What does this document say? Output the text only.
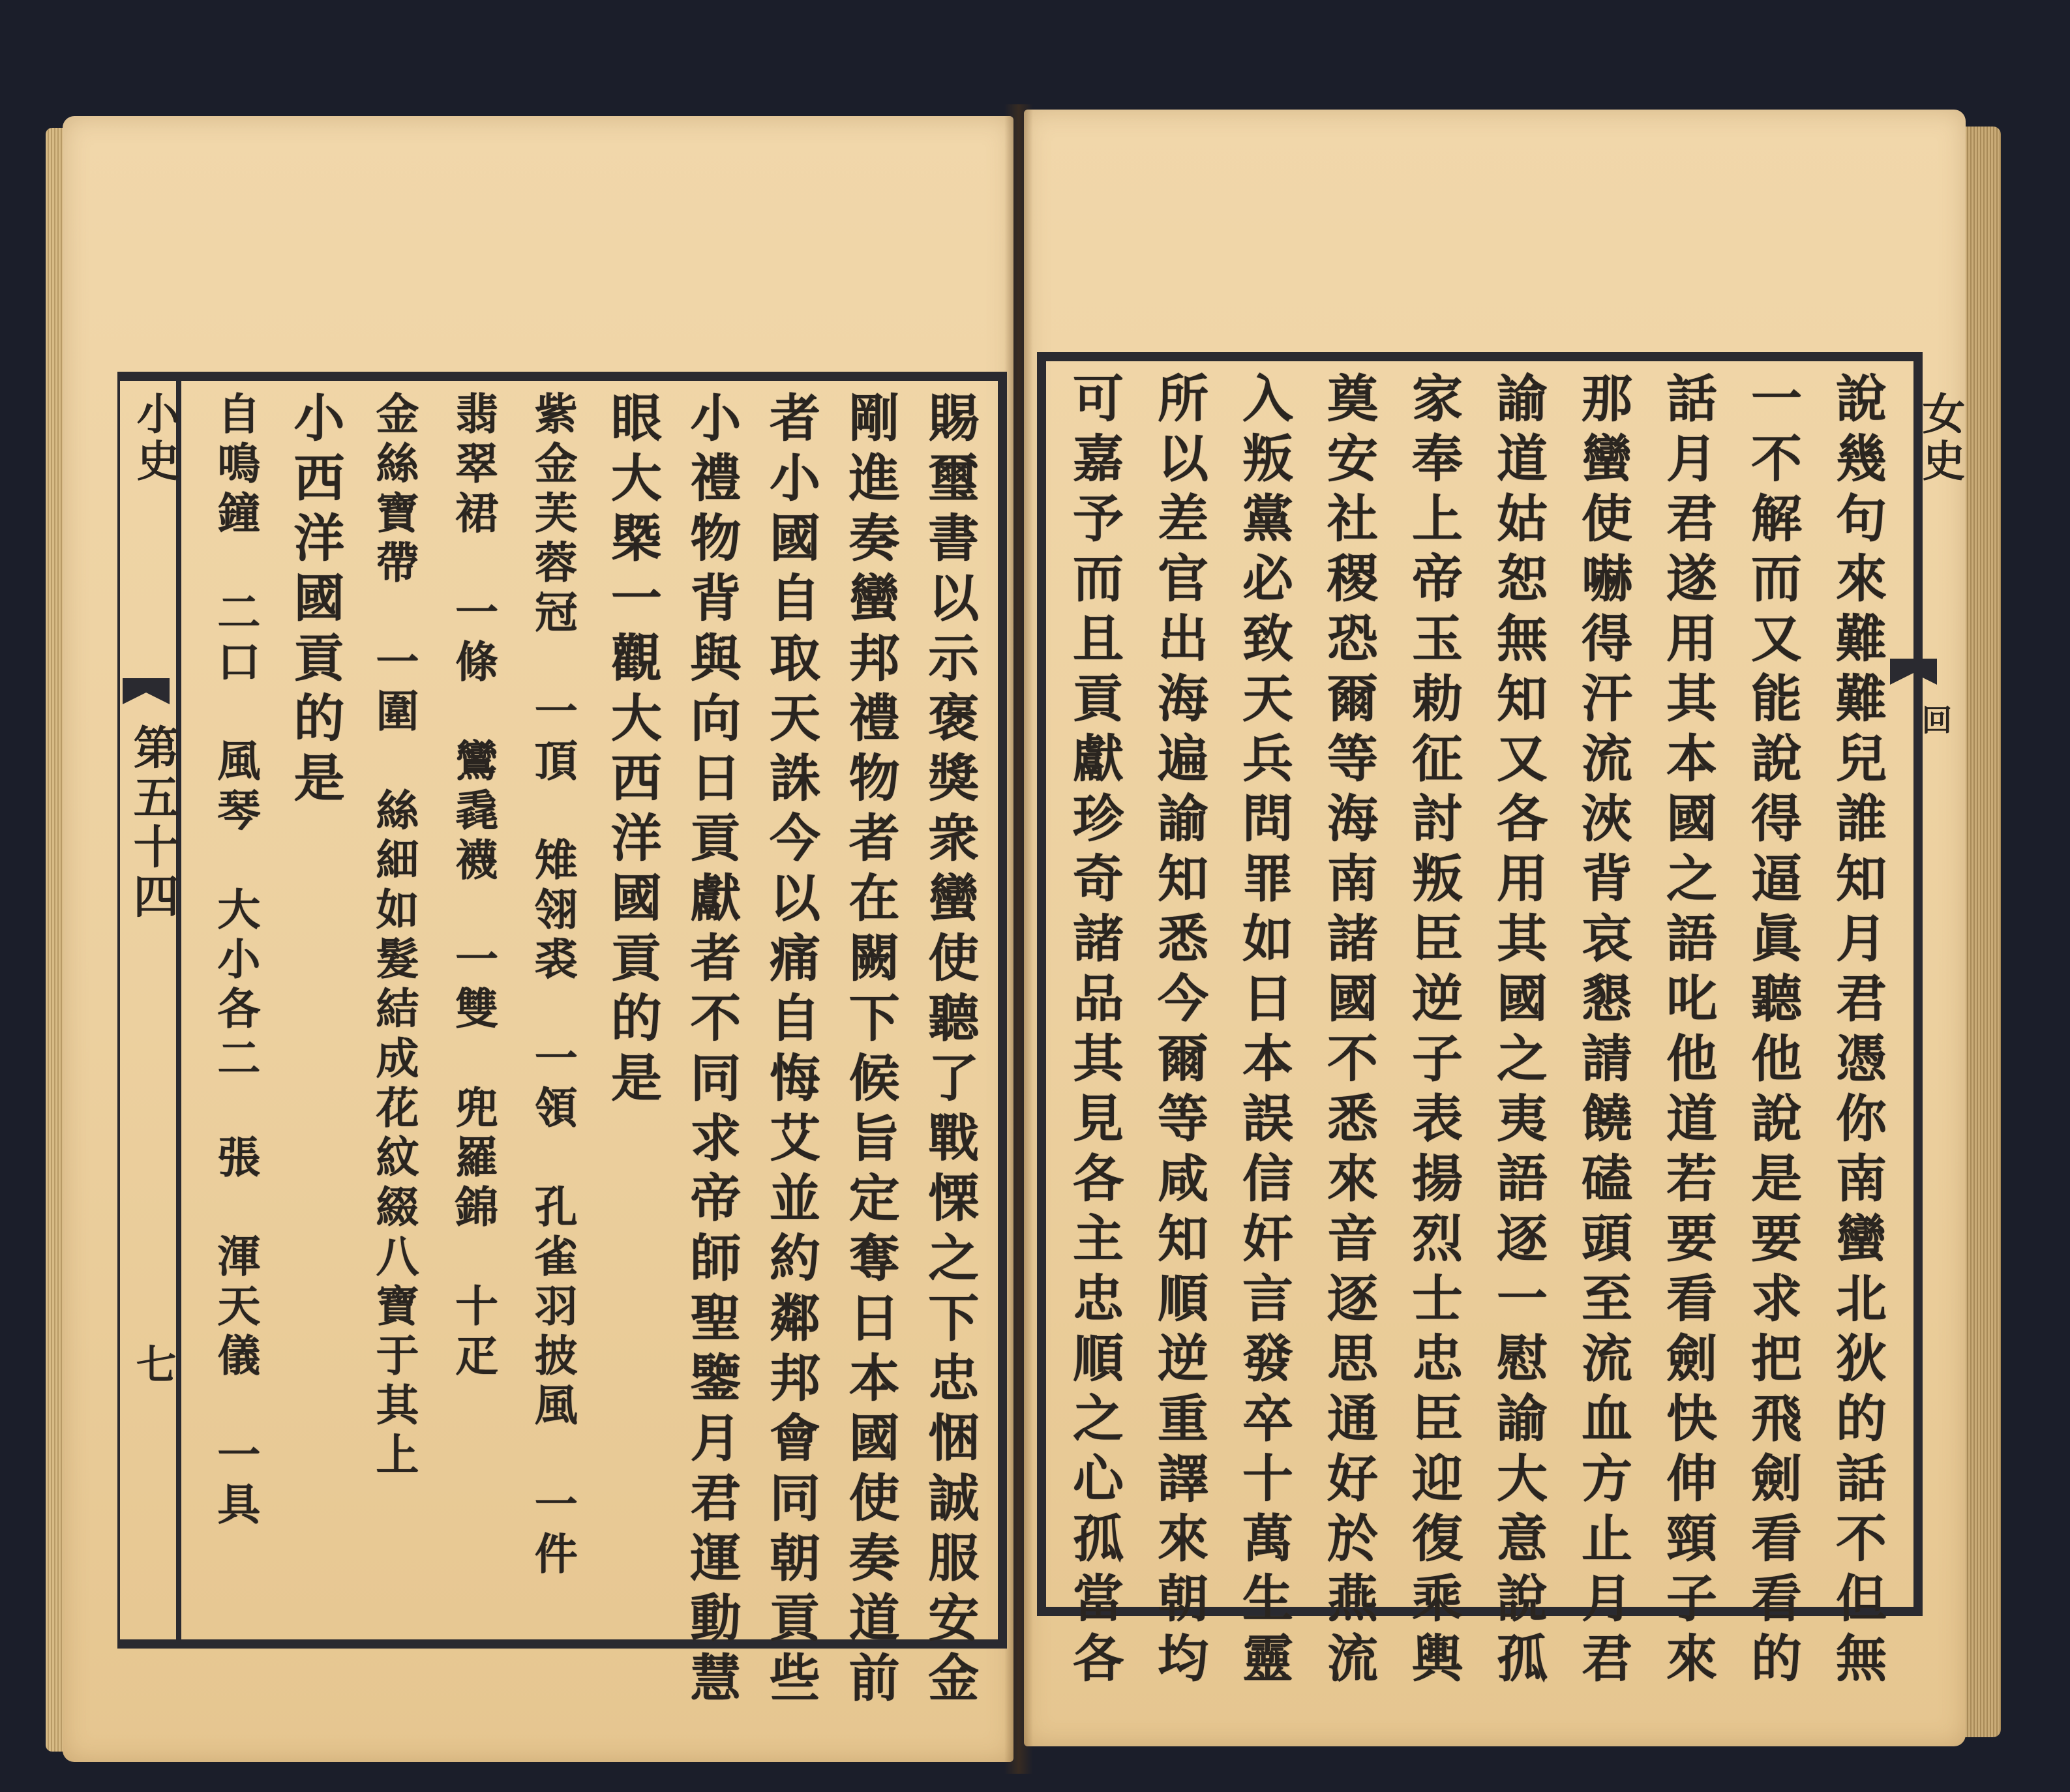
小史
第五十四
七	賜璽書以示褒獎衆蠻使聽了戰慄之下忠悃誠服安金
剛進奏蠻邦禮物者在闕下候旨定奪日本國使奏道前
者小國自取天誅今以痛自悔艾並約鄰邦會同朝貢些
小禮物背與向日貢獻者不同求帝師聖鑒月君運動慧
眼大槩一觀大西洋國貢的是
紫金芙蓉冠　一頂　雉翎裘　一領　孔雀羽披風　一件
翡翠裙　一條　鸞毳襪　一雙　兜羅錦　十疋
金絲寶帶　一圍　絲細如髮結成花紋綴八寶于其上
小西洋國貢的是
自鳴鐘　二口　風琴　大小各二　張　渾天儀　一具	女史
回
說幾句來難難兒誰知月君憑你南蠻北狄的話不但無
一不解而又能說得逼眞聽他說是要求把飛劍看看的
話月君遂用其本國之語叱他道若要看劍快伸頸子來
那蠻使嚇得汗流浹背哀懇請饒磕頭至流血方止月君
諭道姑恕無知又各用其國之夷語逐一慰諭大意說孤
家奉上帝玉勅征討叛臣逆子表揚烈士忠臣迎復乘輿
奠安社稷恐爾等海南諸國不悉來音逐思通好於燕流
入叛黨必致天兵問罪如日本誤信奸言發卒十萬生靈
所以差官出海遍諭知悉今爾等咸知順逆重譯來朝均
可嘉予而且貢獻珍奇諸品其見各主忠順之心孤當各
